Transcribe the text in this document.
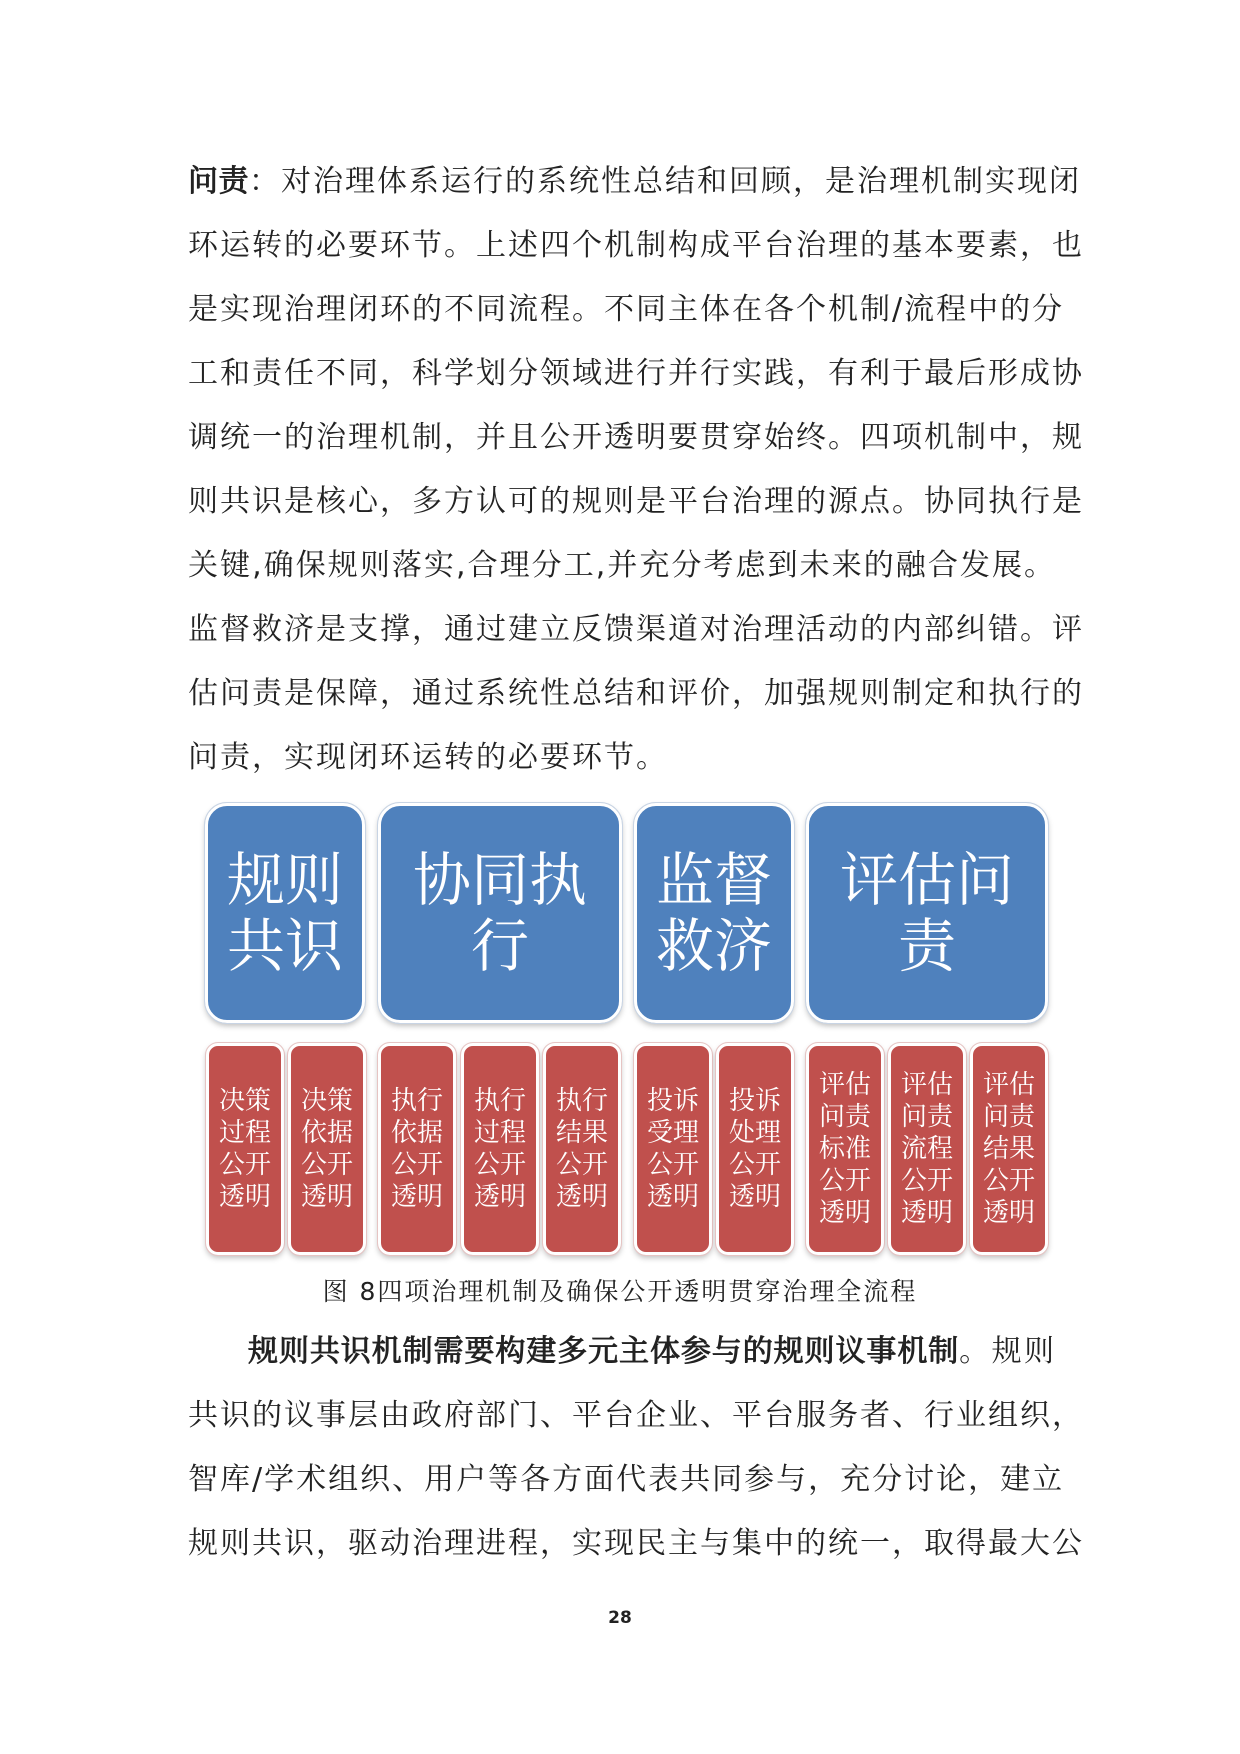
问责：对治理体系运行的系统性总结和回顾，是治理机制实现闭
环运转的必要环节。上述四个机制构成平台治理的基本要素，也
是实现治理闭环的不同流程。不同主体在各个机制/流程中的分
工和责任不同，科学划分领域进行并行实践，有利于最后形成协
调统一的治理机制，并且公开透明要贯穿始终。四项机制中，规
则共识是核心，多方认可的规则是平台治理的源点。协同执行是
关键,确保规则落实,合理分工,并充分考虑到未来的融合发展。
监督救济是支撑，通过建立反馈渠道对治理活动的内部纠错。评
估问责是保障，通过系统性总结和评价，加强规则制定和执行的
问责，实现闭环运转的必要环节。
规则
共识
协同执
行
监督
救济
评估问
责
决策过程公开透明
决策依据公开透明
执行依据公开透明
执行过程公开透明
执行结果公开透明
投诉受理公开透明
投诉处理公开透明
评估问责标准公开透明
评估问责流程公开透明
评估问责结果公开透明
图 8四项治理机制及确保公开透明贯穿治理全流程
规则共识机制需要构建多元主体参与的规则议事机制。规则
共识的议事层由政府部门、平台企业、平台服务者、行业组织，
智库/学术组织、用户等各方面代表共同参与，充分讨论，建立
规则共识，驱动治理进程，实现民主与集中的统一，取得最大公
28
